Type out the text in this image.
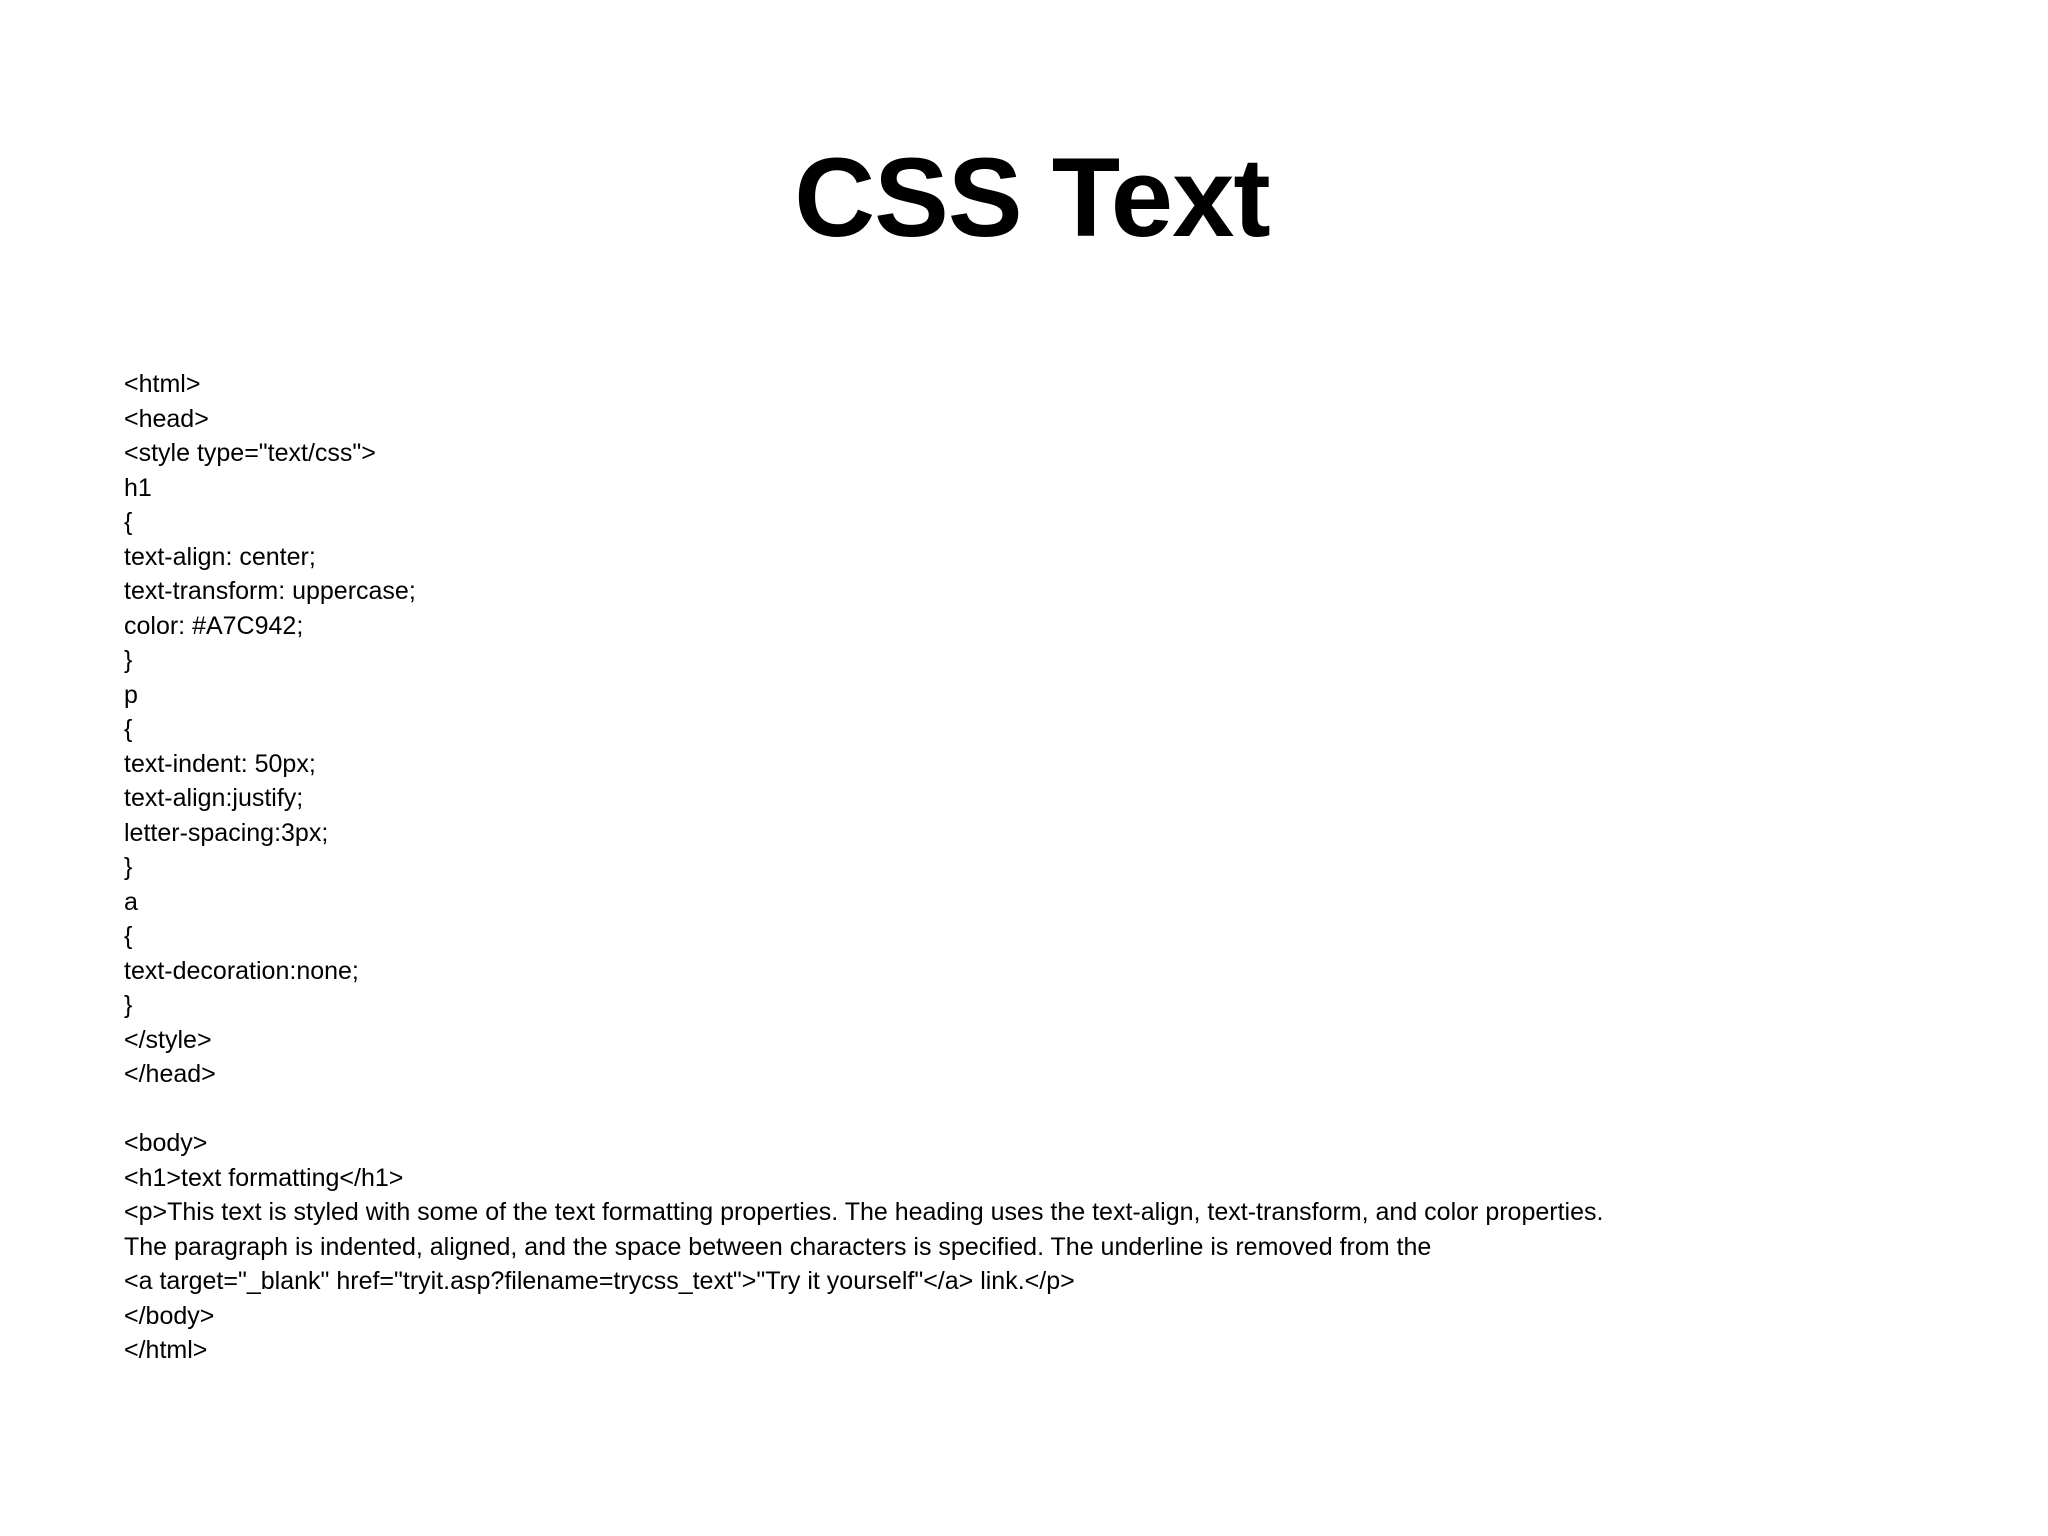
CSS Text
<html>
<head>
<style type="text/css">
h1
{
text-align: center;
text-transform: uppercase;
color: #A7C942;
}
p
{
text-indent: 50px;
text-align:justify;
letter-spacing:3px;
}
a
{
text-decoration:none;
}
</style>
</head>
<body>
<h1>text formatting</h1>
<p>This text is styled with some of the text formatting properties. The heading uses the text-align, text-transform, and color properties.
The paragraph is indented, aligned, and the space between characters is specified. The underline is removed from the
<a target="_blank" href="tryit.asp?filename=trycss_text">"Try it yourself"</a> link.</p>
</body>
</html>
